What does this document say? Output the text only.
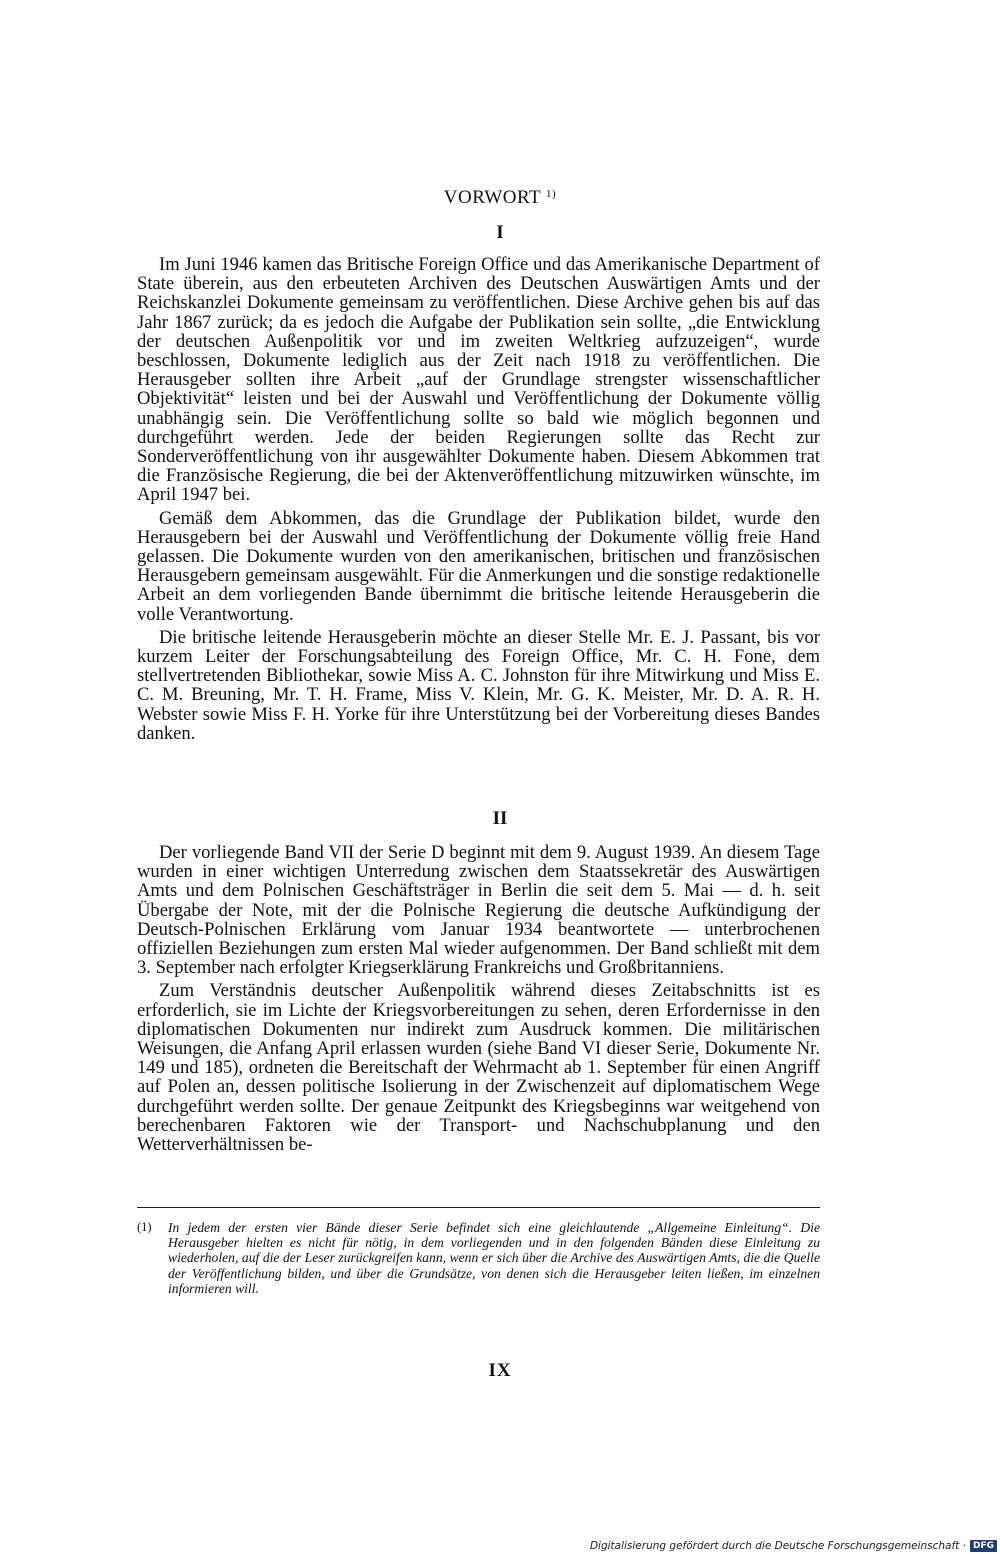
VORWORT $^{1)}$
I

Im Juni 1946 kamen das Britische Foreign Office und das Amerikanische Department of State überein, aus den erbeuteten Archiven des Deutschen Auswärtigen Amts und der Reichskanzlei Dokumente gemeinsam zu veröffentlichen. Diese Archive gehen bis auf das Jahr 1867 zurück; da es jedoch die Aufgabe der Publikation sein sollte, „die Entwicklung der deutschen Außenpolitik vor und im zweiten Weltkrieg aufzuzeigen“, wurde beschlossen, Dokumente lediglich aus der Zeit nach 1918 zu veröffentlichen. Die Herausgeber sollten ihre Arbeit „auf der Grundlage strengster wissenschaftlicher Objektivität“ leisten und bei der Auswahl und Veröffentlichung der Dokumente völlig unabhängig sein. Die Veröffentlichung sollte so bald wie möglich begonnen und durchgeführt werden. Jede der beiden Regierungen sollte das Recht zur Sonderveröffentlichung von ihr ausgewählter Dokumente haben. Diesem Abkommen trat die Französische Regierung, die bei der Aktenveröffentlichung mitzuwirken wünschte, im April 1947 bei.

Gemäß dem Abkommen, das die Grundlage der Publikation bildet, wurde den Herausgebern bei der Auswahl und Veröffentlichung der Dokumente völlig freie Hand gelassen. Die Dokumente wurden von den amerikanischen, britischen und französischen Herausgebern gemeinsam ausgewählt. Für die Anmerkungen und die sonstige redaktionelle Arbeit an dem vorliegenden Bande übernimmt die britische leitende Herausgeberin die volle Verantwortung.

Die britische leitende Herausgeberin möchte an dieser Stelle Mr. E. J. Passant, bis vor kurzem Leiter der Forschungsabteilung des Foreign Office, Mr. C. H. Fone, dem stellvertretenden Bibliothekar, sowie Miss A. C. Johnston für ihre Mitwirkung und Miss E. C. M. Breuning, Mr. T. H. Frame, Miss V. Klein, Mr. G. K. Meister, Mr. D. A. R. H. Webster sowie Miss F. H. Yorke für ihre Unterstützung bei der Vorbereitung dieses Bandes danken.

II

Der vorliegende Band VII der Serie D beginnt mit dem 9. August 1939. An diesem Tage wurden in einer wichtigen Unterredung zwischen dem Staatssekretär des Auswärtigen Amts und dem Polnischen Geschäftsträger in Berlin die seit dem 5. Mai — d. h. seit Übergabe der Note, mit der die Polnische Regierung die deutsche Aufkündigung der Deutsch-Polnischen Erklärung vom Januar 1934 beantwortete — unterbrochenen offiziellen Beziehungen zum ersten Mal wieder aufgenommen. Der Band schließt mit dem 3. September nach erfolgter Kriegserklärung Frankreichs und Großbritanniens.

Zum Verständnis deutscher Außenpolitik während dieses Zeitabschnitts ist es erforderlich, sie im Lichte der Kriegsvorbereitungen zu sehen, deren Erfordernisse in den diplomatischen Dokumenten nur indirekt zum Ausdruck kommen. Die militärischen Weisungen, die Anfang April erlassen wurden (siehe Band VI dieser Serie, Dokumente Nr. 149 und 185), ordneten die Bereitschaft der Wehrmacht ab 1. September für einen Angriff auf Polen an, dessen politische Isolierung in der Zwischenzeit auf diplomatischem Wege durchgeführt werden sollte. Der genaue Zeitpunkt des Kriegsbeginns war weitgehend von berechenbaren Faktoren wie der Transport- und Nachschubplanung und den Wetterverhältnissen be-

(1) In jedem der ersten vier Bände dieser Serie befindet sich eine gleichlautende „Allgemeine Einleitung“. Die Herausgeber hielten es nicht für nötig, in dem vorliegenden und in den folgenden Bänden diese Einleitung zu wiederholen, auf die der Leser zurückgreifen kann, wenn er sich über die Archive des Auswärtigen Amts, die die Quelle der Veröffentlichung bilden, und über die Grundsätze, von denen sich die Herausgeber leiten ließen, im einzelnen informieren will.
IX
Digitalisierung gefördert durch die Deutsche Forschungsgemeinschaft · DFG
